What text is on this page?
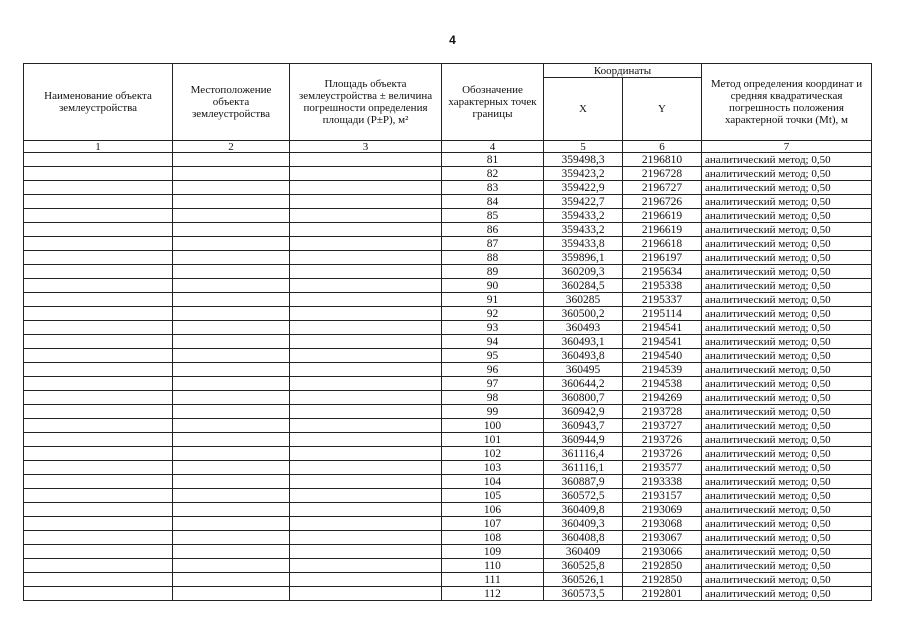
4
Наименование объекта землеустройства	Местоположение объекта землеустройства	Площадь объекта землеустройства ± величина погрешности определения площади (P±P), м²	Обозначение характерных точек границы	Координаты		Метод определения координат и средняя квадратическая погрешность положения характерной точки (Mt), м
				X	Y	
1	2	3	4	5	6	7
			81	359498,3	2196810	аналитический метод; 0,50
			82	359423,2	2196728	аналитический метод; 0,50
			83	359422,9	2196727	аналитический метод; 0,50
			84	359422,7	2196726	аналитический метод; 0,50
			85	359433,2	2196619	аналитический метод; 0,50
			86	359433,2	2196619	аналитический метод; 0,50
			87	359433,8	2196618	аналитический метод; 0,50
			88	359896,1	2196197	аналитический метод; 0,50
			89	360209,3	2195634	аналитический метод; 0,50
			90	360284,5	2195338	аналитический метод; 0,50
			91	360285	2195337	аналитический метод; 0,50
			92	360500,2	2195114	аналитический метод; 0,50
			93	360493	2194541	аналитический метод; 0,50
			94	360493,1	2194541	аналитический метод; 0,50
			95	360493,8	2194540	аналитический метод; 0,50
			96	360495	2194539	аналитический метод; 0,50
			97	360644,2	2194538	аналитический метод; 0,50
			98	360800,7	2194269	аналитический метод; 0,50
			99	360942,9	2193728	аналитический метод; 0,50
			100	360943,7	2193727	аналитический метод; 0,50
			101	360944,9	2193726	аналитический метод; 0,50
			102	361116,4	2193726	аналитический метод; 0,50
			103	361116,1	2193577	аналитический метод; 0,50
			104	360887,9	2193338	аналитический метод; 0,50
			105	360572,5	2193157	аналитический метод; 0,50
			106	360409,8	2193069	аналитический метод; 0,50
			107	360409,3	2193068	аналитический метод; 0,50
			108	360408,8	2193067	аналитический метод; 0,50
			109	360409	2193066	аналитический метод; 0,50
			110	360525,8	2192850	аналитический метод; 0,50
			111	360526,1	2192850	аналитический метод; 0,50
			112	360573,5	2192801	аналитический метод; 0,50
